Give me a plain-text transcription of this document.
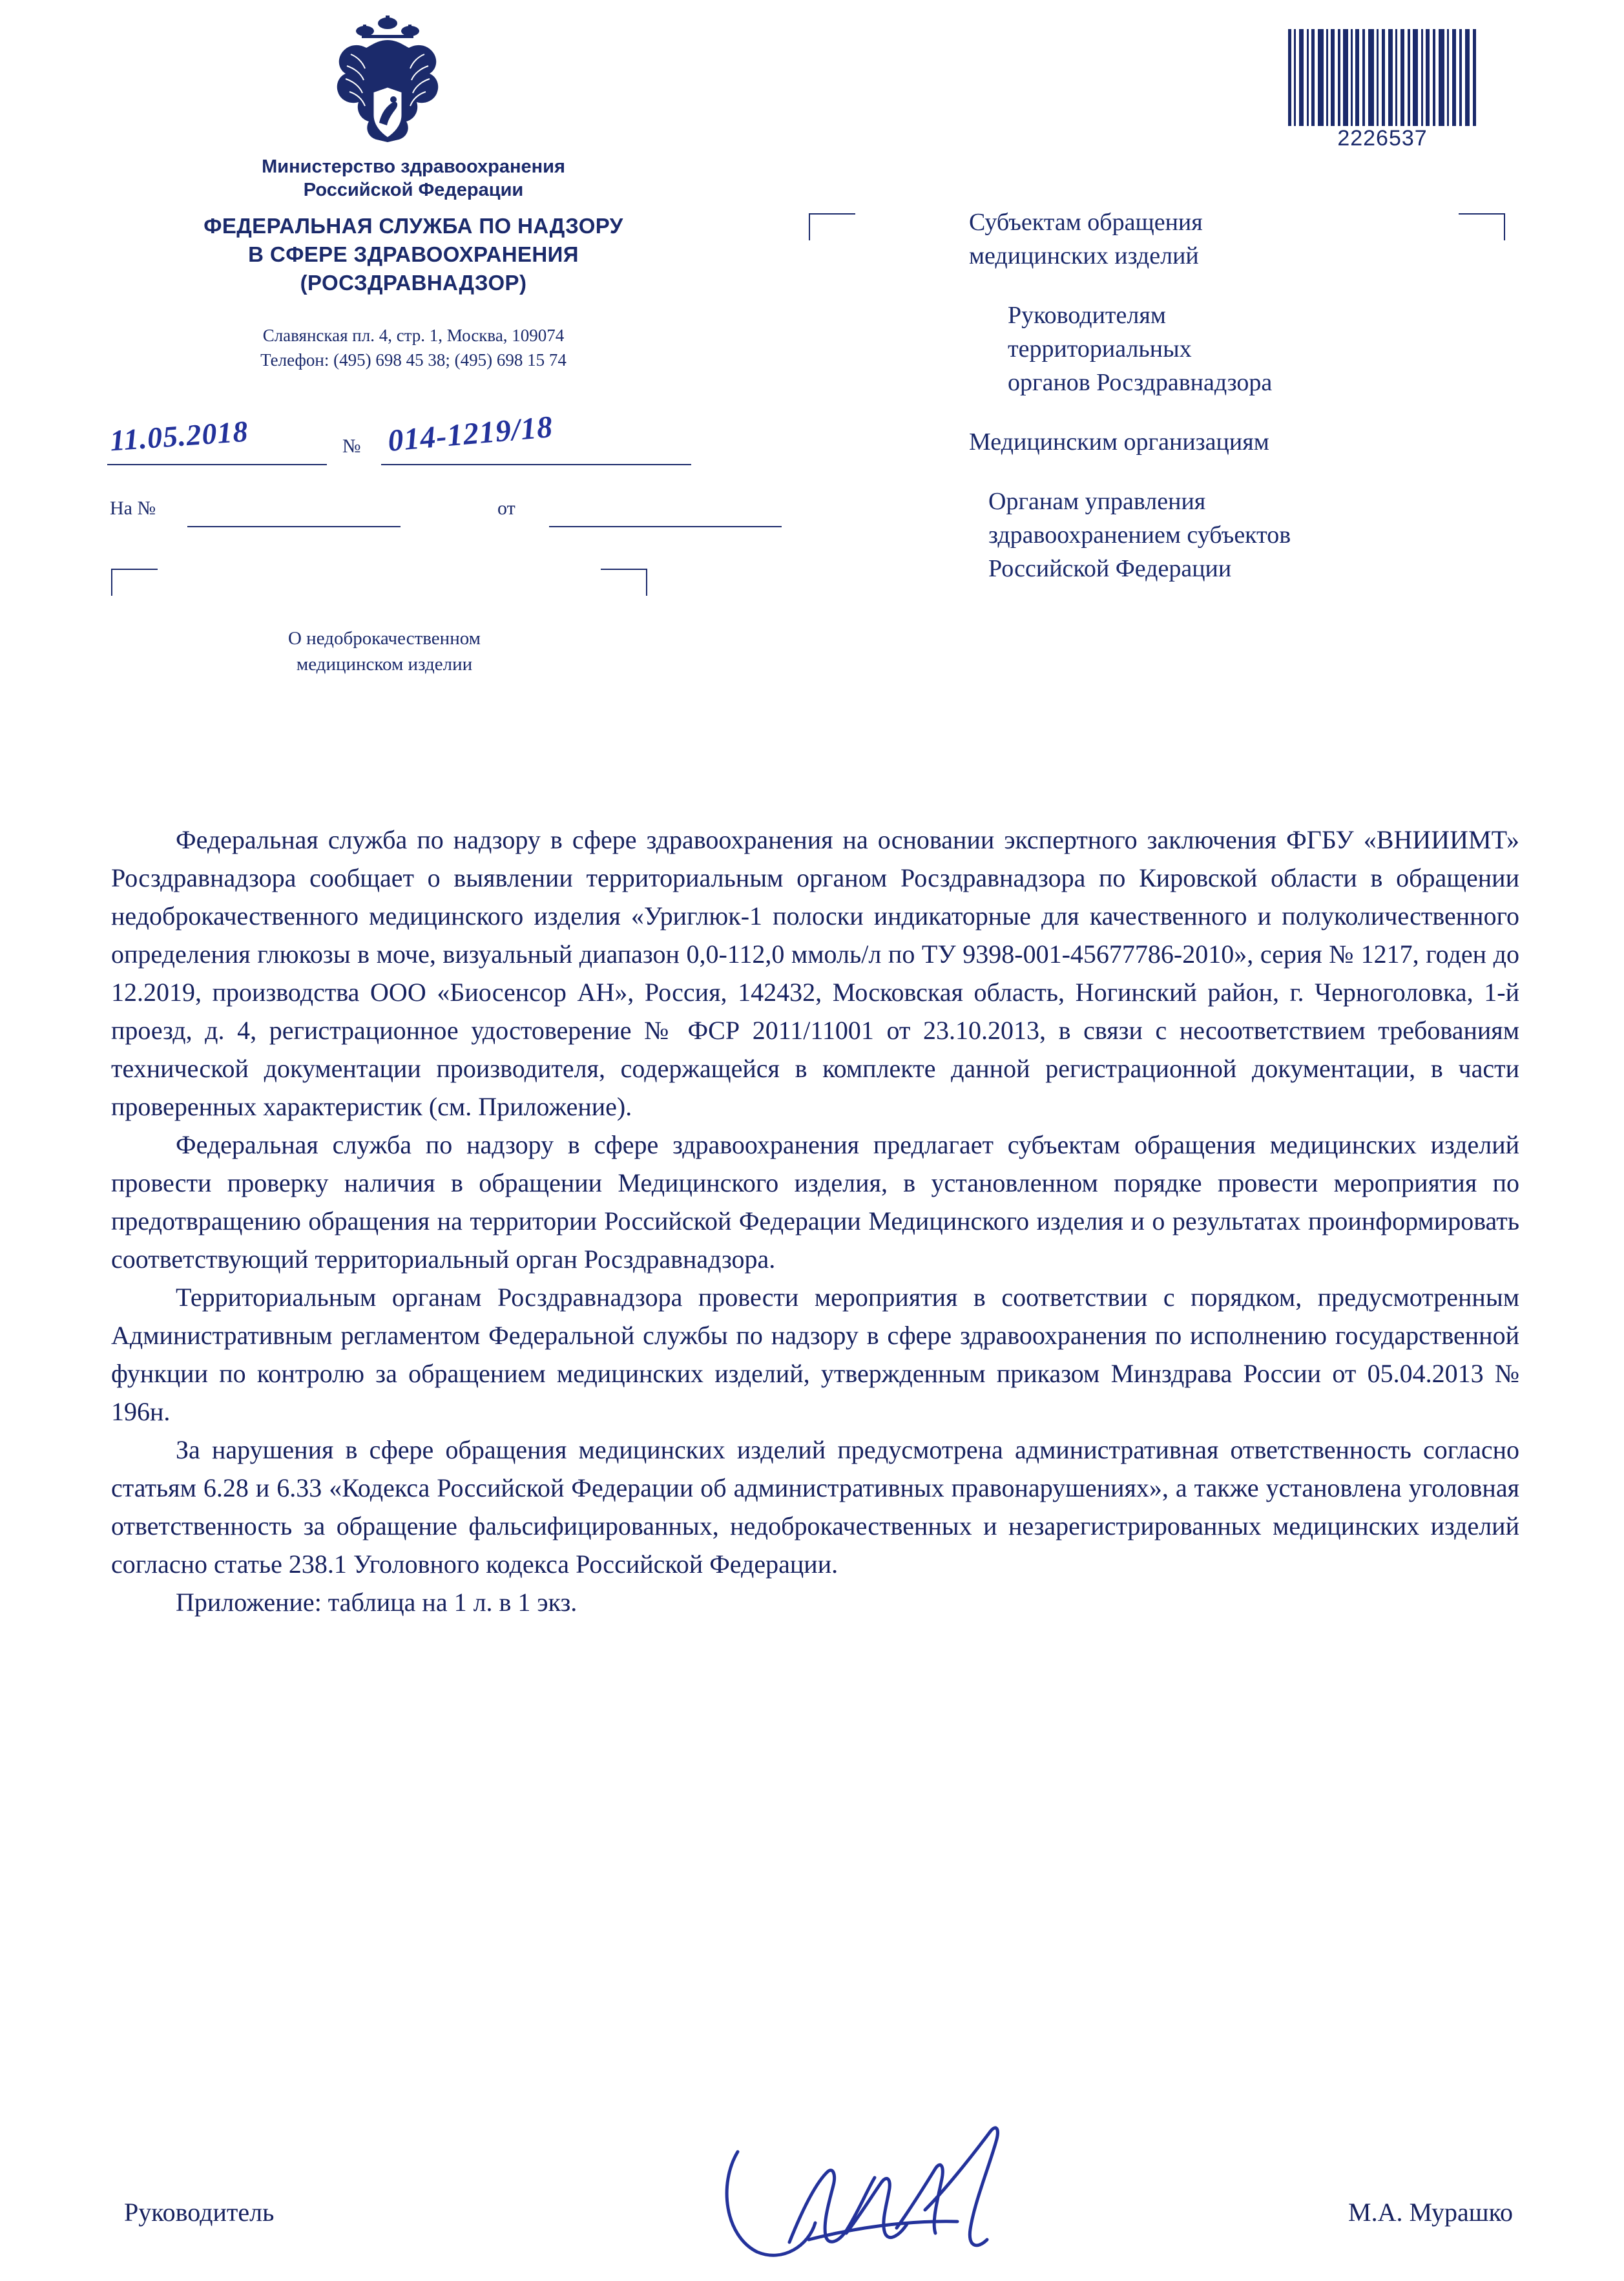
2226537
Министерство здравоохранения
Российской Федерации
ФЕДЕРАЛЬНАЯ СЛУЖБА ПО НАДЗОРУ
В СФЕРЕ ЗДРАВООХРАНЕНИЯ
(РОСЗДРАВНАДЗОР)
Славянская пл. 4, стр. 1, Москва, 109074
Телефон: (495) 698 45 38; (495) 698 15 74
11.05.2018	№ 014-1219/18
На №	от
О недоброкачественном
медицинском изделии

Субъектам обращения
медицинских изделий

Руководителям
территориальных
органов Росздравнадзора

Медицинским организациям

Органам управления
здравоохранением субъектов
Российской Федерации

Федеральная служба по надзору в сфере здравоохранения на основании экспертного заключения ФГБУ «ВНИИИМТ» Росздравнадзора сообщает о выявлении территориальным органом Росздравнадзора по Кировской области в обращении недоброкачественного медицинского изделия «Уриглюк-1 полоски индикаторные для качественного и полуколичественного определения глюкозы в моче, визуальный диапазон 0,0-112,0 ммоль/л по ТУ 9398-001-45677786-2010», серия № 1217, годен до 12.2019, производства ООО «Биосенсор АН», Россия, 142432, Московская область, Ногинский район, г. Черноголовка, 1-й проезд, д. 4, регистрационное удостоверение № ФСР 2011/11001 от 23.10.2013, в связи с несоответствием требованиям технической документации производителя, содержащейся в комплекте данной регистрационной документации, в части проверенных характеристик (см. Приложение).

Федеральная служба по надзору в сфере здравоохранения предлагает субъектам обращения медицинских изделий провести проверку наличия в обращении Медицинского изделия, в установленном порядке провести мероприятия по предотвращению обращения на территории Российской Федерации Медицинского изделия и о результатах проинформировать соответствующий территориальный орган Росздравнадзора.

Территориальным органам Росздравнадзора провести мероприятия в соответствии с порядком, предусмотренным Административным регламентом Федеральной службы по надзору в сфере здравоохранения по исполнению государственной функции по контролю за обращением медицинских изделий, утвержденным приказом Минздрава России от 05.04.2013 № 196н.

За нарушения в сфере обращения медицинских изделий предусмотрена административная ответственность согласно статьям 6.28 и 6.33 «Кодекса Российской Федерации об административных правонарушениях», а также установлена уголовная ответственность за обращение фальсифицированных, недоброкачественных и незарегистрированных медицинских изделий согласно статье 238.1 Уголовного кодекса Российской Федерации.

Приложение: таблица на 1 л. в 1 экз.

Руководитель	М.А. Мурашко
